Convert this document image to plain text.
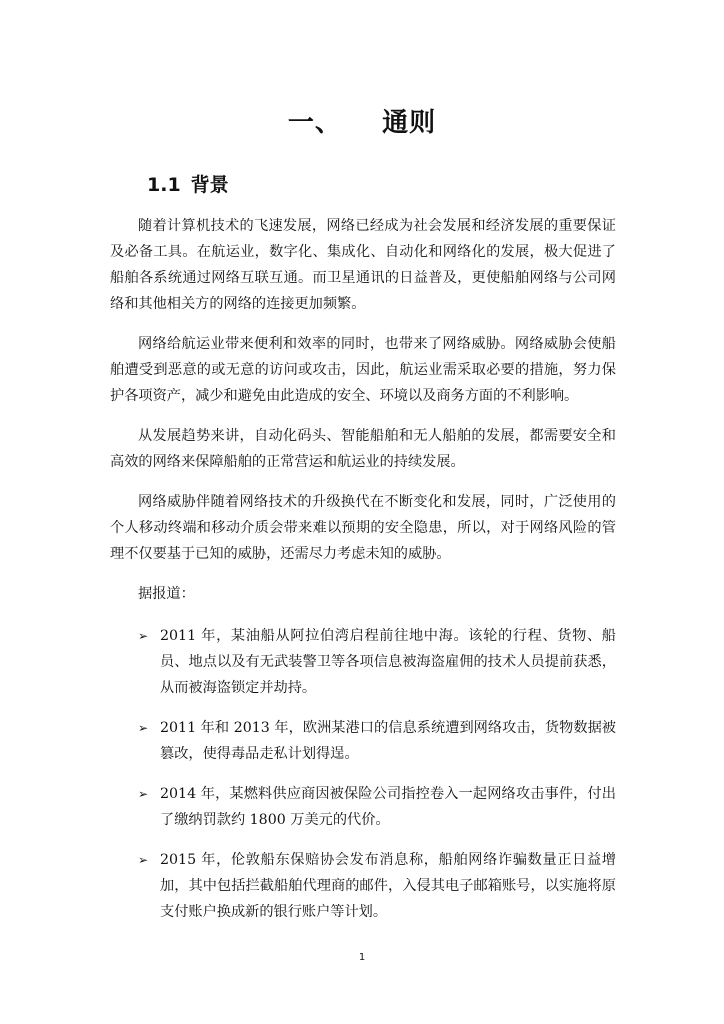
一、 通则
1.1 背景

随着计算机技术的飞速发展，网络已经成为社会发展和经济发展的重要保证及必备工具。在航运业，数字化、集成化、自动化和网络化的发展，极大促进了船舶各系统通过网络互联互通。而卫星通讯的日益普及，更使船舶网络与公司网络和其他相关方的网络的连接更加频繁。

网络给航运业带来便利和效率的同时，也带来了网络威胁。网络威胁会使船舶遭受到恶意的或无意的访问或攻击，因此，航运业需采取必要的措施，努力保护各项资产，减少和避免由此造成的安全、环境以及商务方面的不利影响。

从发展趋势来讲，自动化码头、智能船舶和无人船舶的发展，都需要安全和高效的网络来保障船舶的正常营运和航运业的持续发展。

网络威胁伴随着网络技术的升级换代在不断变化和发展，同时，广泛使用的个人移动终端和移动介质会带来难以预期的安全隐患，所以，对于网络风险的管理不仅要基于已知的威胁，还需尽力考虑未知的威胁。

据报道：

➢ 2011 年，某油船从阿拉伯湾启程前往地中海。该轮的行程、货物、船员、地点以及有无武装警卫等各项信息被海盗雇佣的技术人员提前获悉，从而被海盗锁定并劫持。
➢ 2011 年和 2013 年，欧洲某港口的信息系统遭到网络攻击，货物数据被篡改，使得毒品走私计划得逞。
➢ 2014 年，某燃料供应商因被保险公司指控卷入一起网络攻击事件，付出了缴纳罚款约 1800 万美元的代价。
➢ 2015 年，伦敦船东保赔协会发布消息称，船舶网络诈骗数量正日益增加，其中包括拦截船舶代理商的邮件，入侵其电子邮箱账号，以实施将原支付账户换成新的银行账户等计划。
1
